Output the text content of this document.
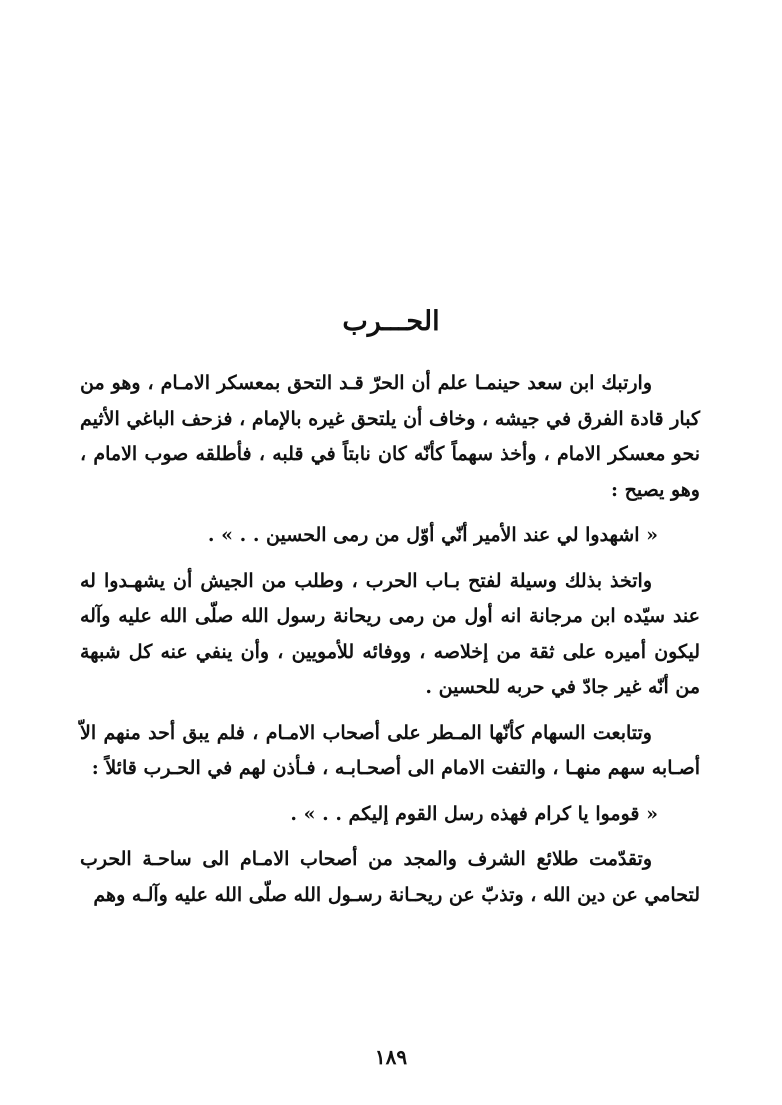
الحـــرب

وارتبك ابن سعد حينمـا علم أن الحرّ قـد التحق بمعسكر الامـام ، وهو من كبار قادة الفرق في جيشه ، وخاف أن يلتحق غيره بالإمام ، فزحف الباغي الأثيم نحو معسكر الامام ، وأخذ سهماً كأنّه كان نابتاً في قلبه ، فأطلقه صوب الامام ، وهو يصيح :

« اشهدوا لي عند الأمير أنّي أوّل من رمى الحسين . . » .

واتخذ بذلك وسيلة لفتح بـاب الحرب ، وطلب من الجيش أن يشهـدوا له عند سيّده ابن مرجانة انه أول من رمى ريحانة رسول الله صلّى الله عليه وآله ليكون أميره على ثقة من إخلاصه ، ووفائه للأمويين ، وأن ينفي عنه كل شبهة من أنّه غير جادّ في حربه للحسين .

وتتابعت السهام كأنّها المـطر على أصحاب الامـام ، فلم يبق أحد منهم الاّ أصـابه سهم منهـا ، والتفت الامام الى أصحـابـه ، فـأذن لهم في الحـرب قائلاً :

« قوموا يا كرام فهذه رسل القوم إليكم . . » .

وتقدّمت طلائع الشرف والمجد من أصحاب الامـام الى ساحـة الحرب لتحامي عن دين الله ، وتذبّ عن ريحـانة رسـول الله صلّى الله عليه وآلـه وهم

١٨٩
